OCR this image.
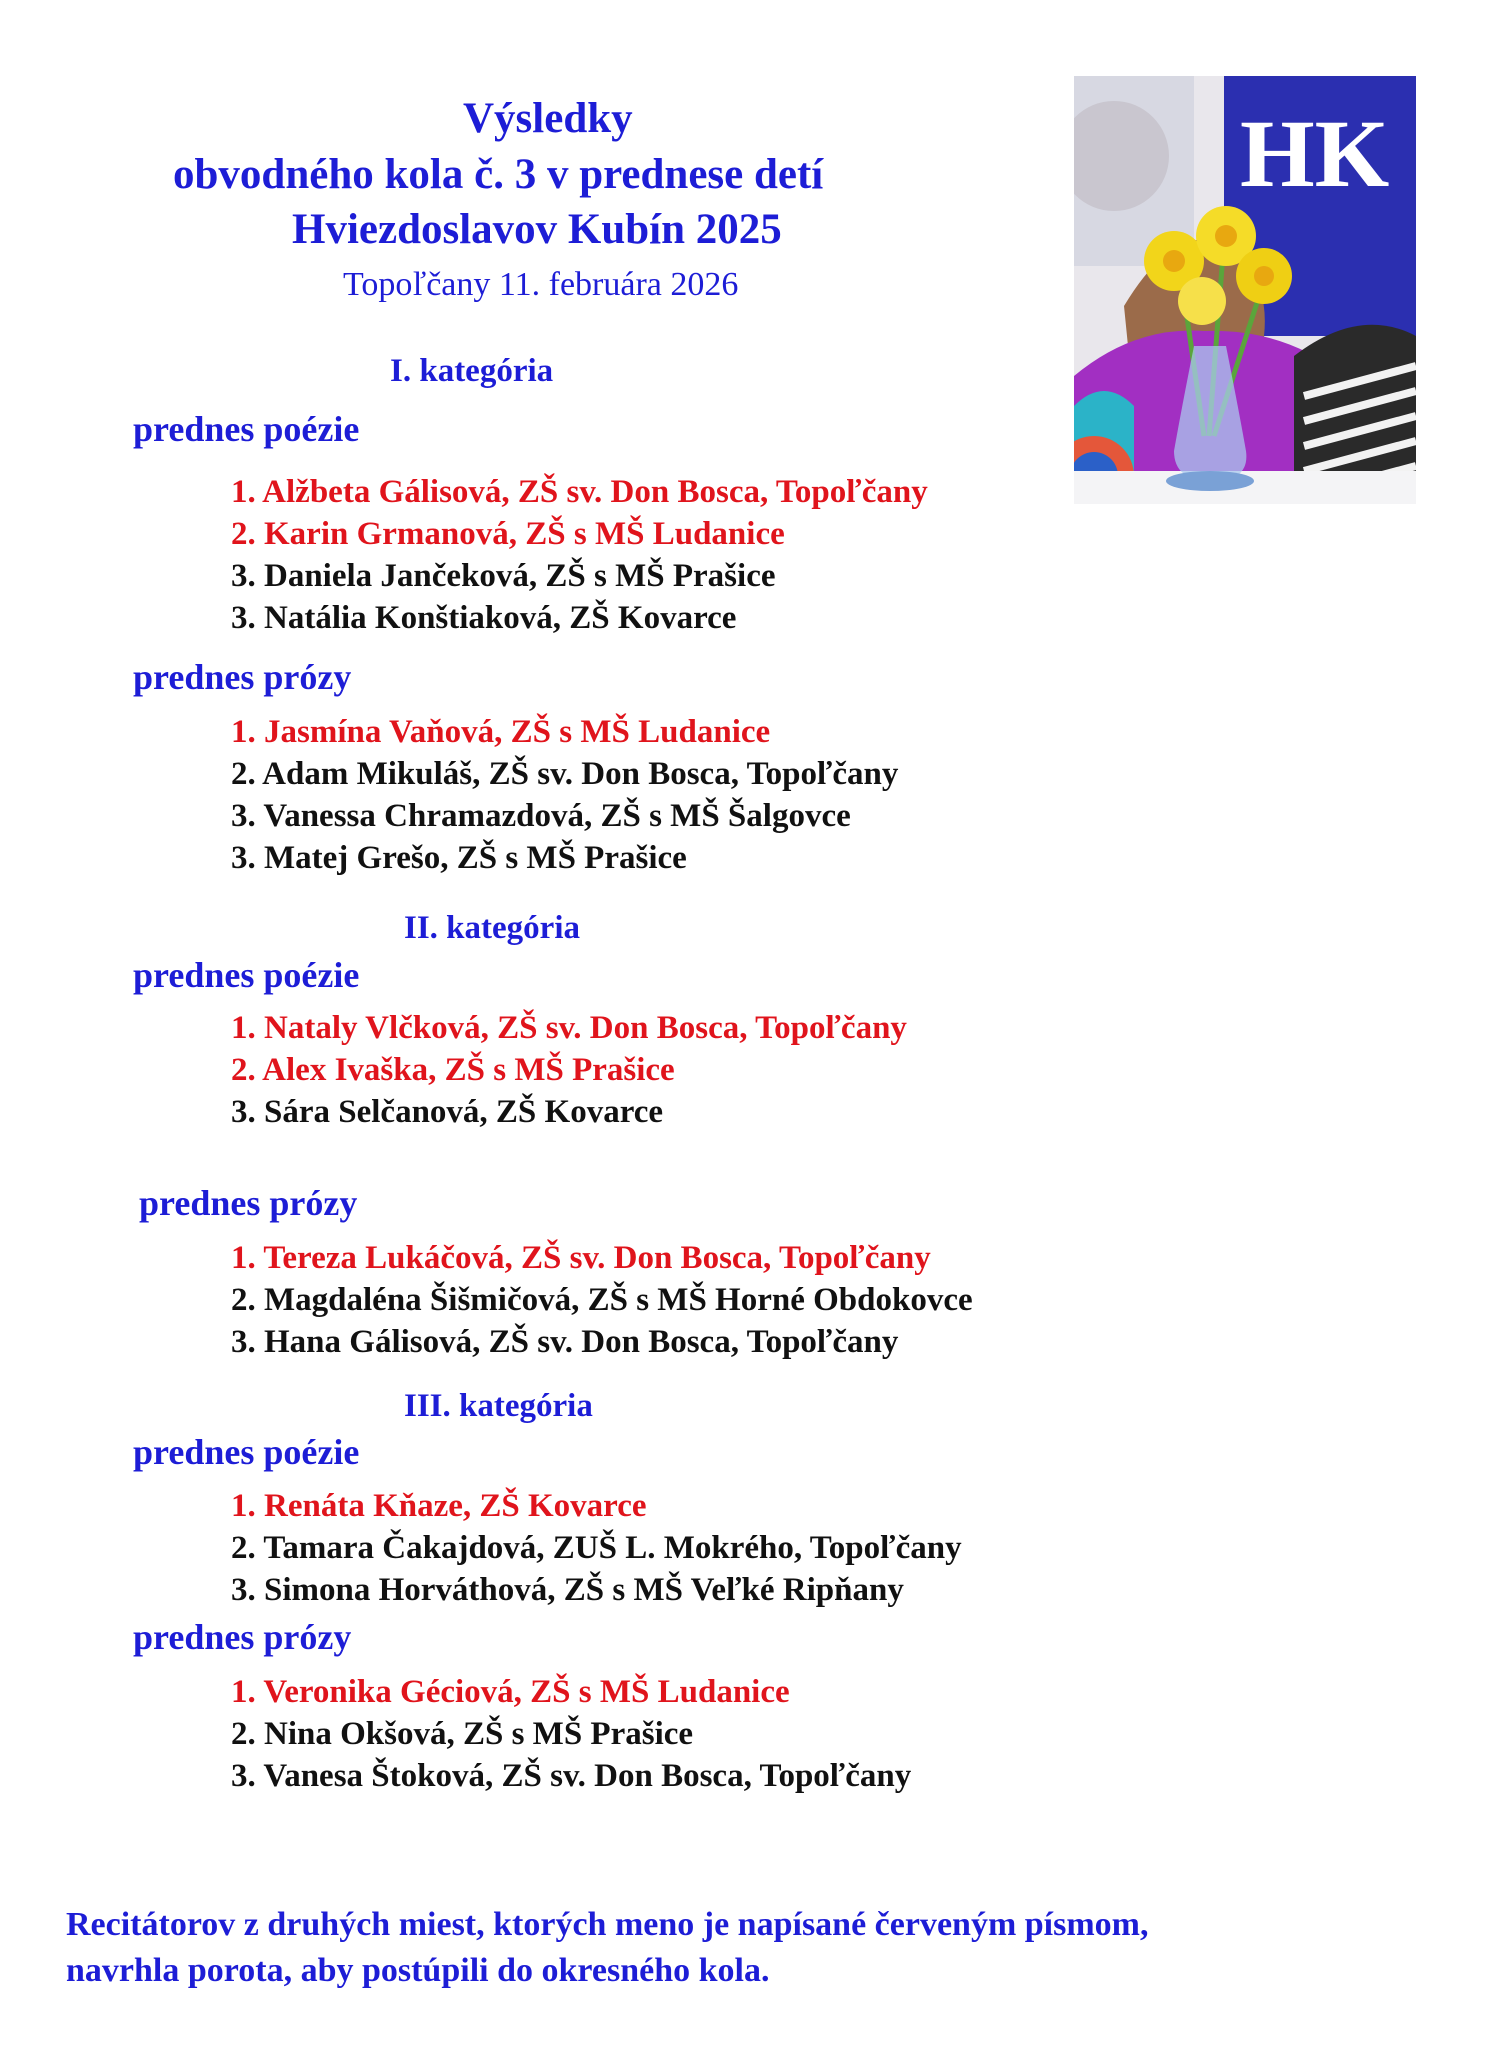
Výsledky
obvodného kola č. 3 v prednese detí
Hviezdoslavov Kubín 2025
Topoľčany 11. februára 2026
HK
I. kategória
prednes poézie
1. Alžbeta Gálisová, ZŠ sv. Don Bosca, Topoľčany
2. Karin Grmanová, ZŠ s MŠ Ludanice
3. Daniela Jančeková, ZŠ s MŠ Prašice
3. Natália Konštiaková, ZŠ Kovarce
prednes prózy
1. Jasmína Vaňová, ZŠ s MŠ Ludanice
2. Adam Mikuláš, ZŠ sv. Don Bosca, Topoľčany
3. Vanessa Chramazdová, ZŠ s MŠ Šalgovce
3. Matej Grešo, ZŠ s MŠ Prašice
II. kategória
prednes poézie
1. Nataly Vlčková, ZŠ sv. Don Bosca, Topoľčany
2. Alex Ivaška, ZŠ s MŠ Prašice
3. Sára Selčanová, ZŠ Kovarce
prednes prózy
1. Tereza Lukáčová, ZŠ sv. Don Bosca, Topoľčany
2. Magdaléna Šišmičová, ZŠ s MŠ Horné Obdokovce
3. Hana Gálisová, ZŠ sv. Don Bosca, Topoľčany
III. kategória
prednes poézie
1. Renáta Kňaze, ZŠ Kovarce
2. Tamara Čakajdová, ZUŠ L. Mokrého, Topoľčany
3. Simona Horváthová, ZŠ s MŠ Veľké Ripňany
prednes prózy
1. Veronika Géciová, ZŠ s MŠ Ludanice
2. Nina Okšová, ZŠ s MŠ Prašice
3. Vanesa Štoková, ZŠ sv. Don Bosca, Topoľčany
Recitátorov z druhých miest, ktorých meno je napísané červeným písmom,
navrhla porota, aby postúpili do okresného kola.
